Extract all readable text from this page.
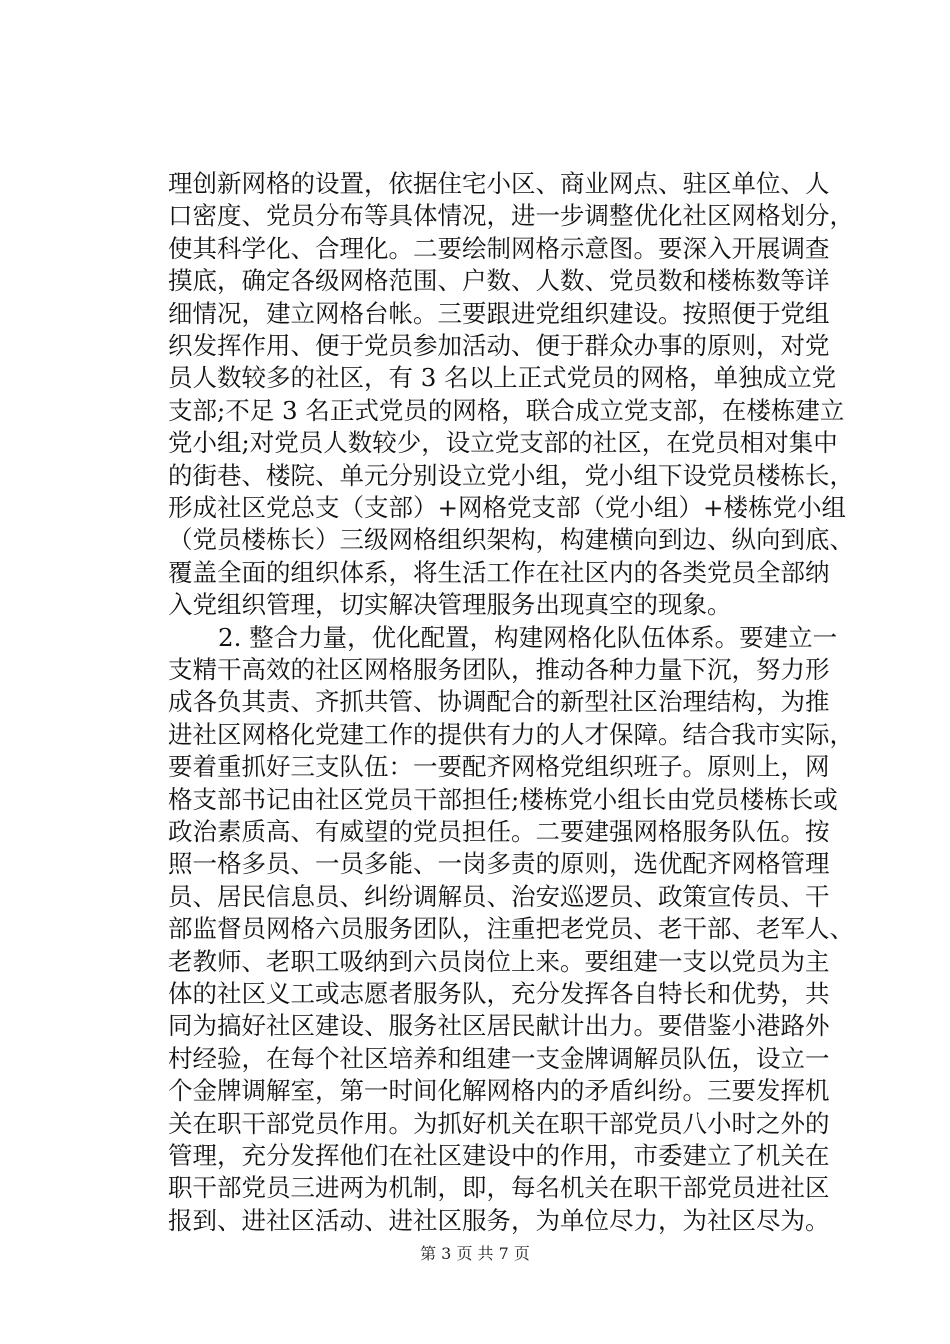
理创新网格的设置，依据住宅小区、商业网点、驻区单位、人
口密度、党员分布等具体情况，进一步调整优化社区网格划分，
使其科学化、合理化。二要绘制网格示意图。要深入开展调查
摸底，确定各级网格范围、户数、人数、党员数和楼栋数等详
细情况，建立网格台帐。三要跟进党组织建设。按照便于党组
织发挥作用、便于党员参加活动、便于群众办事的原则，对党
员人数较多的社区，有 3 名以上正式党员的网格，单独成立党
支部;不足 3 名正式党员的网格，联合成立党支部，在楼栋建立
党小组;对党员人数较少，设立党支部的社区，在党员相对集中
的街巷、楼院、单元分别设立党小组，党小组下设党员楼栋长，
形成社区党总支（支部）+网格党支部（党小组）+楼栋党小组
（党员楼栋长）三级网格组织架构，构建横向到边、纵向到底、
覆盖全面的组织体系，将生活工作在社区内的各类党员全部纳
入党组织管理，切实解决管理服务出现真空的现象。
2. 整合力量，优化配置，构建网格化队伍体系。要建立一
支精干高效的社区网格服务团队，推动各种力量下沉，努力形
成各负其责、齐抓共管、协调配合的新型社区治理结构，为推
进社区网格化党建工作的提供有力的人才保障。结合我市实际，
要着重抓好三支队伍：一要配齐网格党组织班子。原则上，网
格支部书记由社区党员干部担任;楼栋党小组长由党员楼栋长或
政治素质高、有威望的党员担任。二要建强网格服务队伍。按
照一格多员、一员多能、一岗多责的原则，选优配齐网格管理
员、居民信息员、纠纷调解员、治安巡逻员、政策宣传员、干
部监督员网格六员服务团队，注重把老党员、老干部、老军人、
老教师、老职工吸纳到六员岗位上来。要组建一支以党员为主
体的社区义工或志愿者服务队，充分发挥各自特长和优势，共
同为搞好社区建设、服务社区居民献计出力。要借鉴小港路外
村经验，在每个社区培养和组建一支金牌调解员队伍，设立一
个金牌调解室，第一时间化解网格内的矛盾纠纷。三要发挥机
关在职干部党员作用。为抓好机关在职干部党员八小时之外的
管理，充分发挥他们在社区建设中的作用，市委建立了机关在
职干部党员三进两为机制，即，每名机关在职干部党员进社区
报到、进社区活动、进社区服务，为单位尽力，为社区尽为。
第 3 页 共 7 页
